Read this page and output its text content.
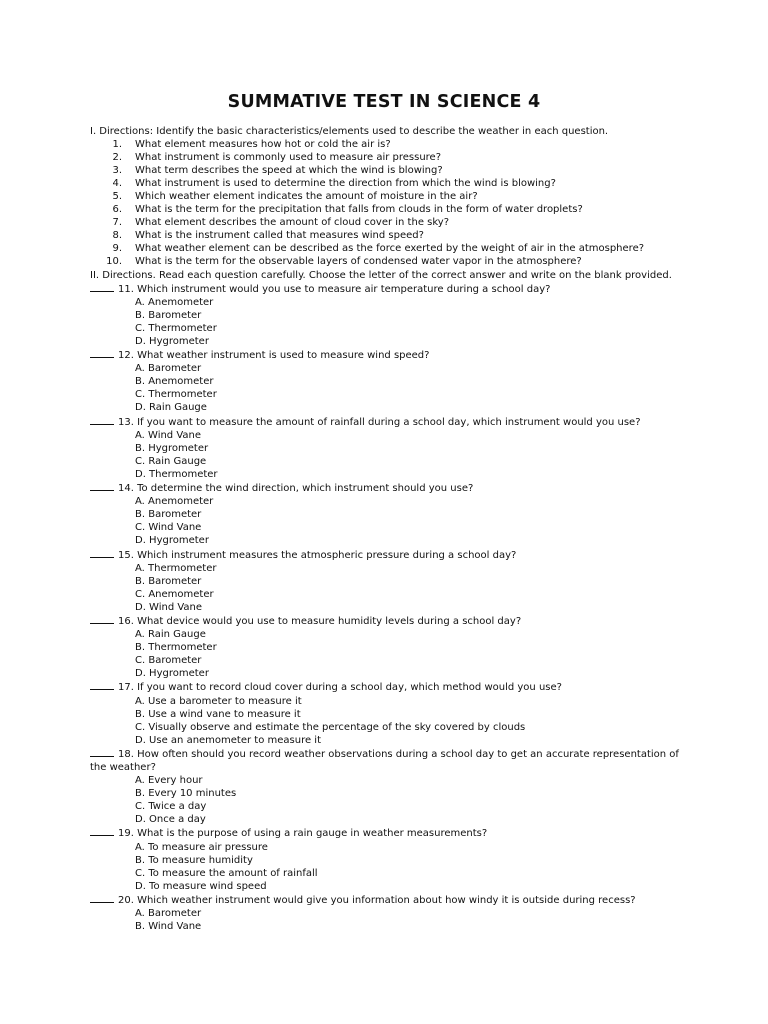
SUMMATIVE TEST IN SCIENCE 4
I. Directions: Identify the basic characteristics/elements used to describe the weather in each question.
1. What element measures how hot or cold the air is?
2. What instrument is commonly used to measure air pressure?
3. What term describes the speed at which the wind is blowing?
4. What instrument is used to determine the direction from which the wind is blowing?
5. Which weather element indicates the amount of moisture in the air?
6. What is the term for the precipitation that falls from clouds in the form of water droplets?
7. What element describes the amount of cloud cover in the sky?
8. What is the instrument called that measures wind speed?
9. What weather element can be described as the force exerted by the weight of air in the atmosphere?
10. What is the term for the observable layers of condensed water vapor in the atmosphere?
II. Directions. Read each question carefully. Choose the letter of the correct answer and write on the blank provided.
11. Which instrument would you use to measure air temperature during a school day?
A. Anemometer
B. Barometer
C. Thermometer
D. Hygrometer
12. What weather instrument is used to measure wind speed?
A. Barometer
B. Anemometer
C. Thermometer
D. Rain Gauge
13. If you want to measure the amount of rainfall during a school day, which instrument would you use?
A. Wind Vane
B. Hygrometer
C. Rain Gauge
D. Thermometer
14. To determine the wind direction, which instrument should you use?
A. Anemometer
B. Barometer
C. Wind Vane
D. Hygrometer
15. Which instrument measures the atmospheric pressure during a school day?
A. Thermometer
B. Barometer
C. Anemometer
D. Wind Vane
16. What device would you use to measure humidity levels during a school day?
A. Rain Gauge
B. Thermometer
C. Barometer
D. Hygrometer
17. If you want to record cloud cover during a school day, which method would you use?
A. Use a barometer to measure it
B. Use a wind vane to measure it
C. Visually observe and estimate the percentage of the sky covered by clouds
D. Use an anemometer to measure it
18. How often should you record weather observations during a school day to get an accurate representation of the weather?
A. Every hour
B. Every 10 minutes
C. Twice a day
D. Once a day
19. What is the purpose of using a rain gauge in weather measurements?
A. To measure air pressure
B. To measure humidity
C. To measure the amount of rainfall
D. To measure wind speed
20. Which weather instrument would give you information about how windy it is outside during recess?
A. Barometer
B. Wind Vane
